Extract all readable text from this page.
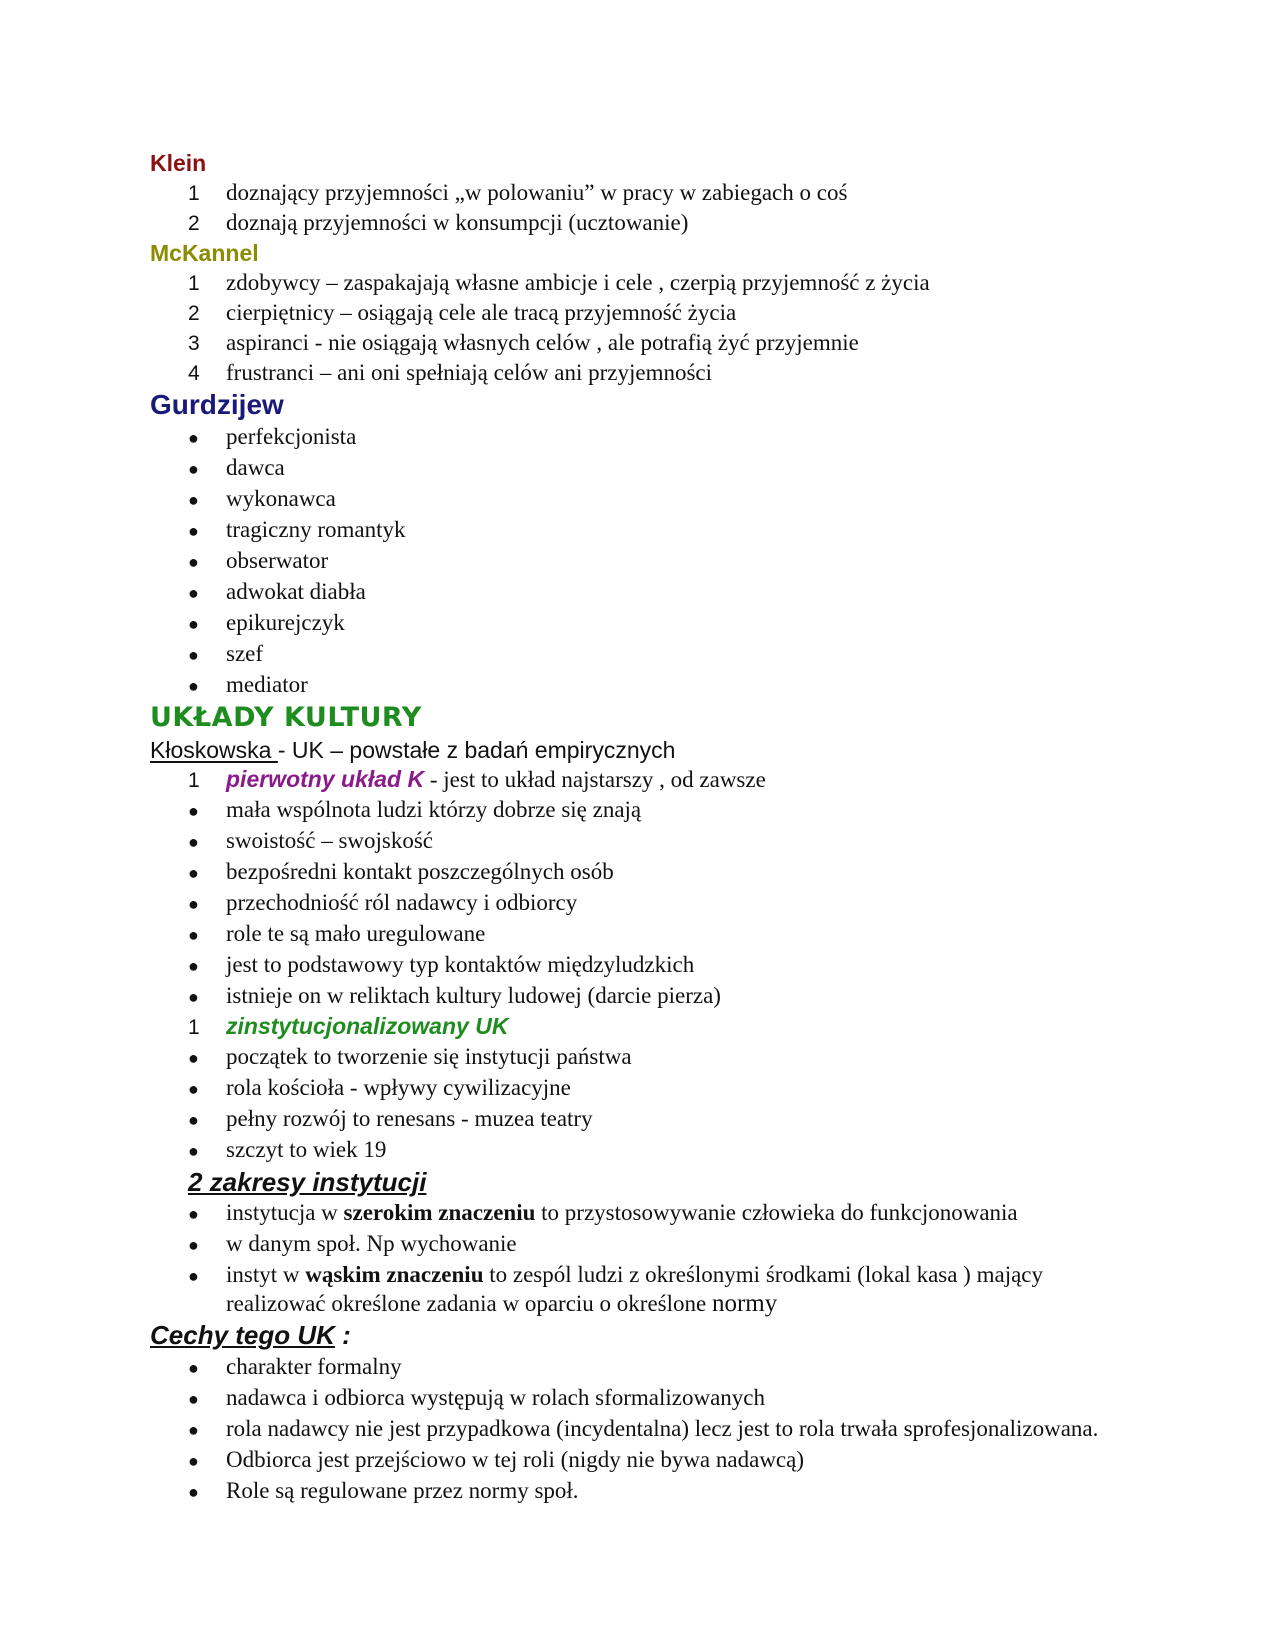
Klein
1	doznający przyjemności „w polowaniu” w pracy w zabiegach o coś
2	doznają przyjemności w konsumpcji (ucztowanie)
McKannel
1	zdobywcy – zaspakajają własne ambicje i cele , czerpią przyjemność z życia
2	cierpiętnicy – osiągają cele ale tracą przyjemność życia
3	aspiranci - nie osiągają własnych celów , ale potrafią żyć przyjemnie
4	frustranci – ani oni spełniają celów ani przyjemności
Gurdzijew
●	perfekcjonista
●	dawca
●	wykonawca
●	tragiczny romantyk
●	obserwator
●	adwokat diabła
●	epikurejczyk
●	szef
●	mediator
UKŁADY KULTURY
Kłoskowska - UK – powstałe z badań empirycznych
1	pierwotny układ K - jest to układ najstarszy , od zawsze
●	mała wspólnota ludzi którzy dobrze się znają
●	swoistość – swojskość
●	bezpośredni kontakt poszczególnych osób
●	przechodniość ról nadawcy i odbiorcy
●	role te są mało uregulowane
●	jest to podstawowy typ kontaktów międzyludzkich
●	istnieje on w reliktach kultury ludowej (darcie pierza)
1	zinstytucjonalizowany UK
●	początek to tworzenie się instytucji państwa
●	rola kościoła - wpływy cywilizacyjne
●	pełny rozwój to renesans - muzea teatry
●	szczyt to wiek 19
2 zakresy instytucji
●	instytucja w szerokim znaczeniu to przystosowywanie człowieka do funkcjonowania
●	w danym społ. Np wychowanie
●	instyt w wąskim znaczeniu to zespól ludzi z określonymi środkami (lokal kasa ) mający realizować określone zadania w oparciu o określone normy
Cechy tego UK :
●	charakter formalny
●	nadawca i odbiorca występują w rolach sformalizowanych
●	rola nadawcy nie jest przypadkowa (incydentalna) lecz jest to rola trwała sprofesjonalizowana.
●	Odbiorca jest przejściowo w tej roli (nigdy nie bywa nadawcą)
●	Role są regulowane przez normy społ.
